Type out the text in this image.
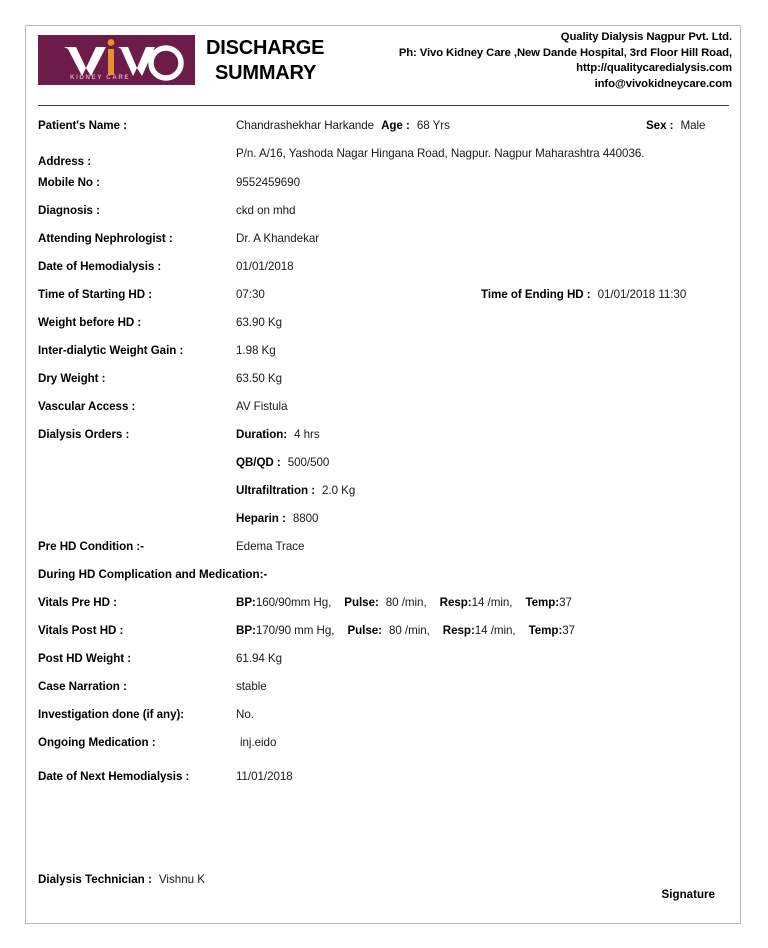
KIDNEY CARE
DISCHARGE
SUMMARY
Quality Dialysis Nagpur Pvt. Ltd.
Ph: Vivo Kidney Care ,New Dande Hospital, 3rd Floor Hill Road,
http://qualitycaredialysis.com
info@vivokidneycare.com
Patient's Name :	Chandrashekhar Harkande Age : 68 Yrs	Sex : Male
Address :
P/n. A/16, Yashoda Nagar Hingana Road, Nagpur. Nagpur Maharashtra 440036.
Mobile No :	9552459690
Diagnosis :	ckd on mhd
Attending Nephrologist :	Dr. A Khandekar
Date of Hemodialysis :	01/01/2018
Time of Starting HD :	07:30	Time of Ending HD : 01/01/2018 11:30
Weight before HD :	63.90 Kg
Inter-dialytic Weight Gain :	1.98 Kg
Dry Weight :	63.50 Kg
Vascular Access :	AV Fistula
Dialysis Orders :	Duration: 4 hrs
QB/QD : 500/500
Ultrafiltration : 2.0 Kg
Heparin : 8800
Pre HD Condition :-	Edema Trace
During HD Complication and Medication:-
Vitals Pre HD :	BP:160/90mm Hg, Pulse: 80 /min, Resp:14 /min, Temp:37
Vitals Post HD :	BP:170/90 mm Hg, Pulse: 80 /min, Resp:14 /min, Temp:37
Post HD Weight :	61.94 Kg
Case Narration :	stable
Investigation done (if any):	No.
Ongoing Medication :	inj.eido
Date of Next Hemodialysis :	11/01/2018
Dialysis Technician : Vishnu K
Signature
